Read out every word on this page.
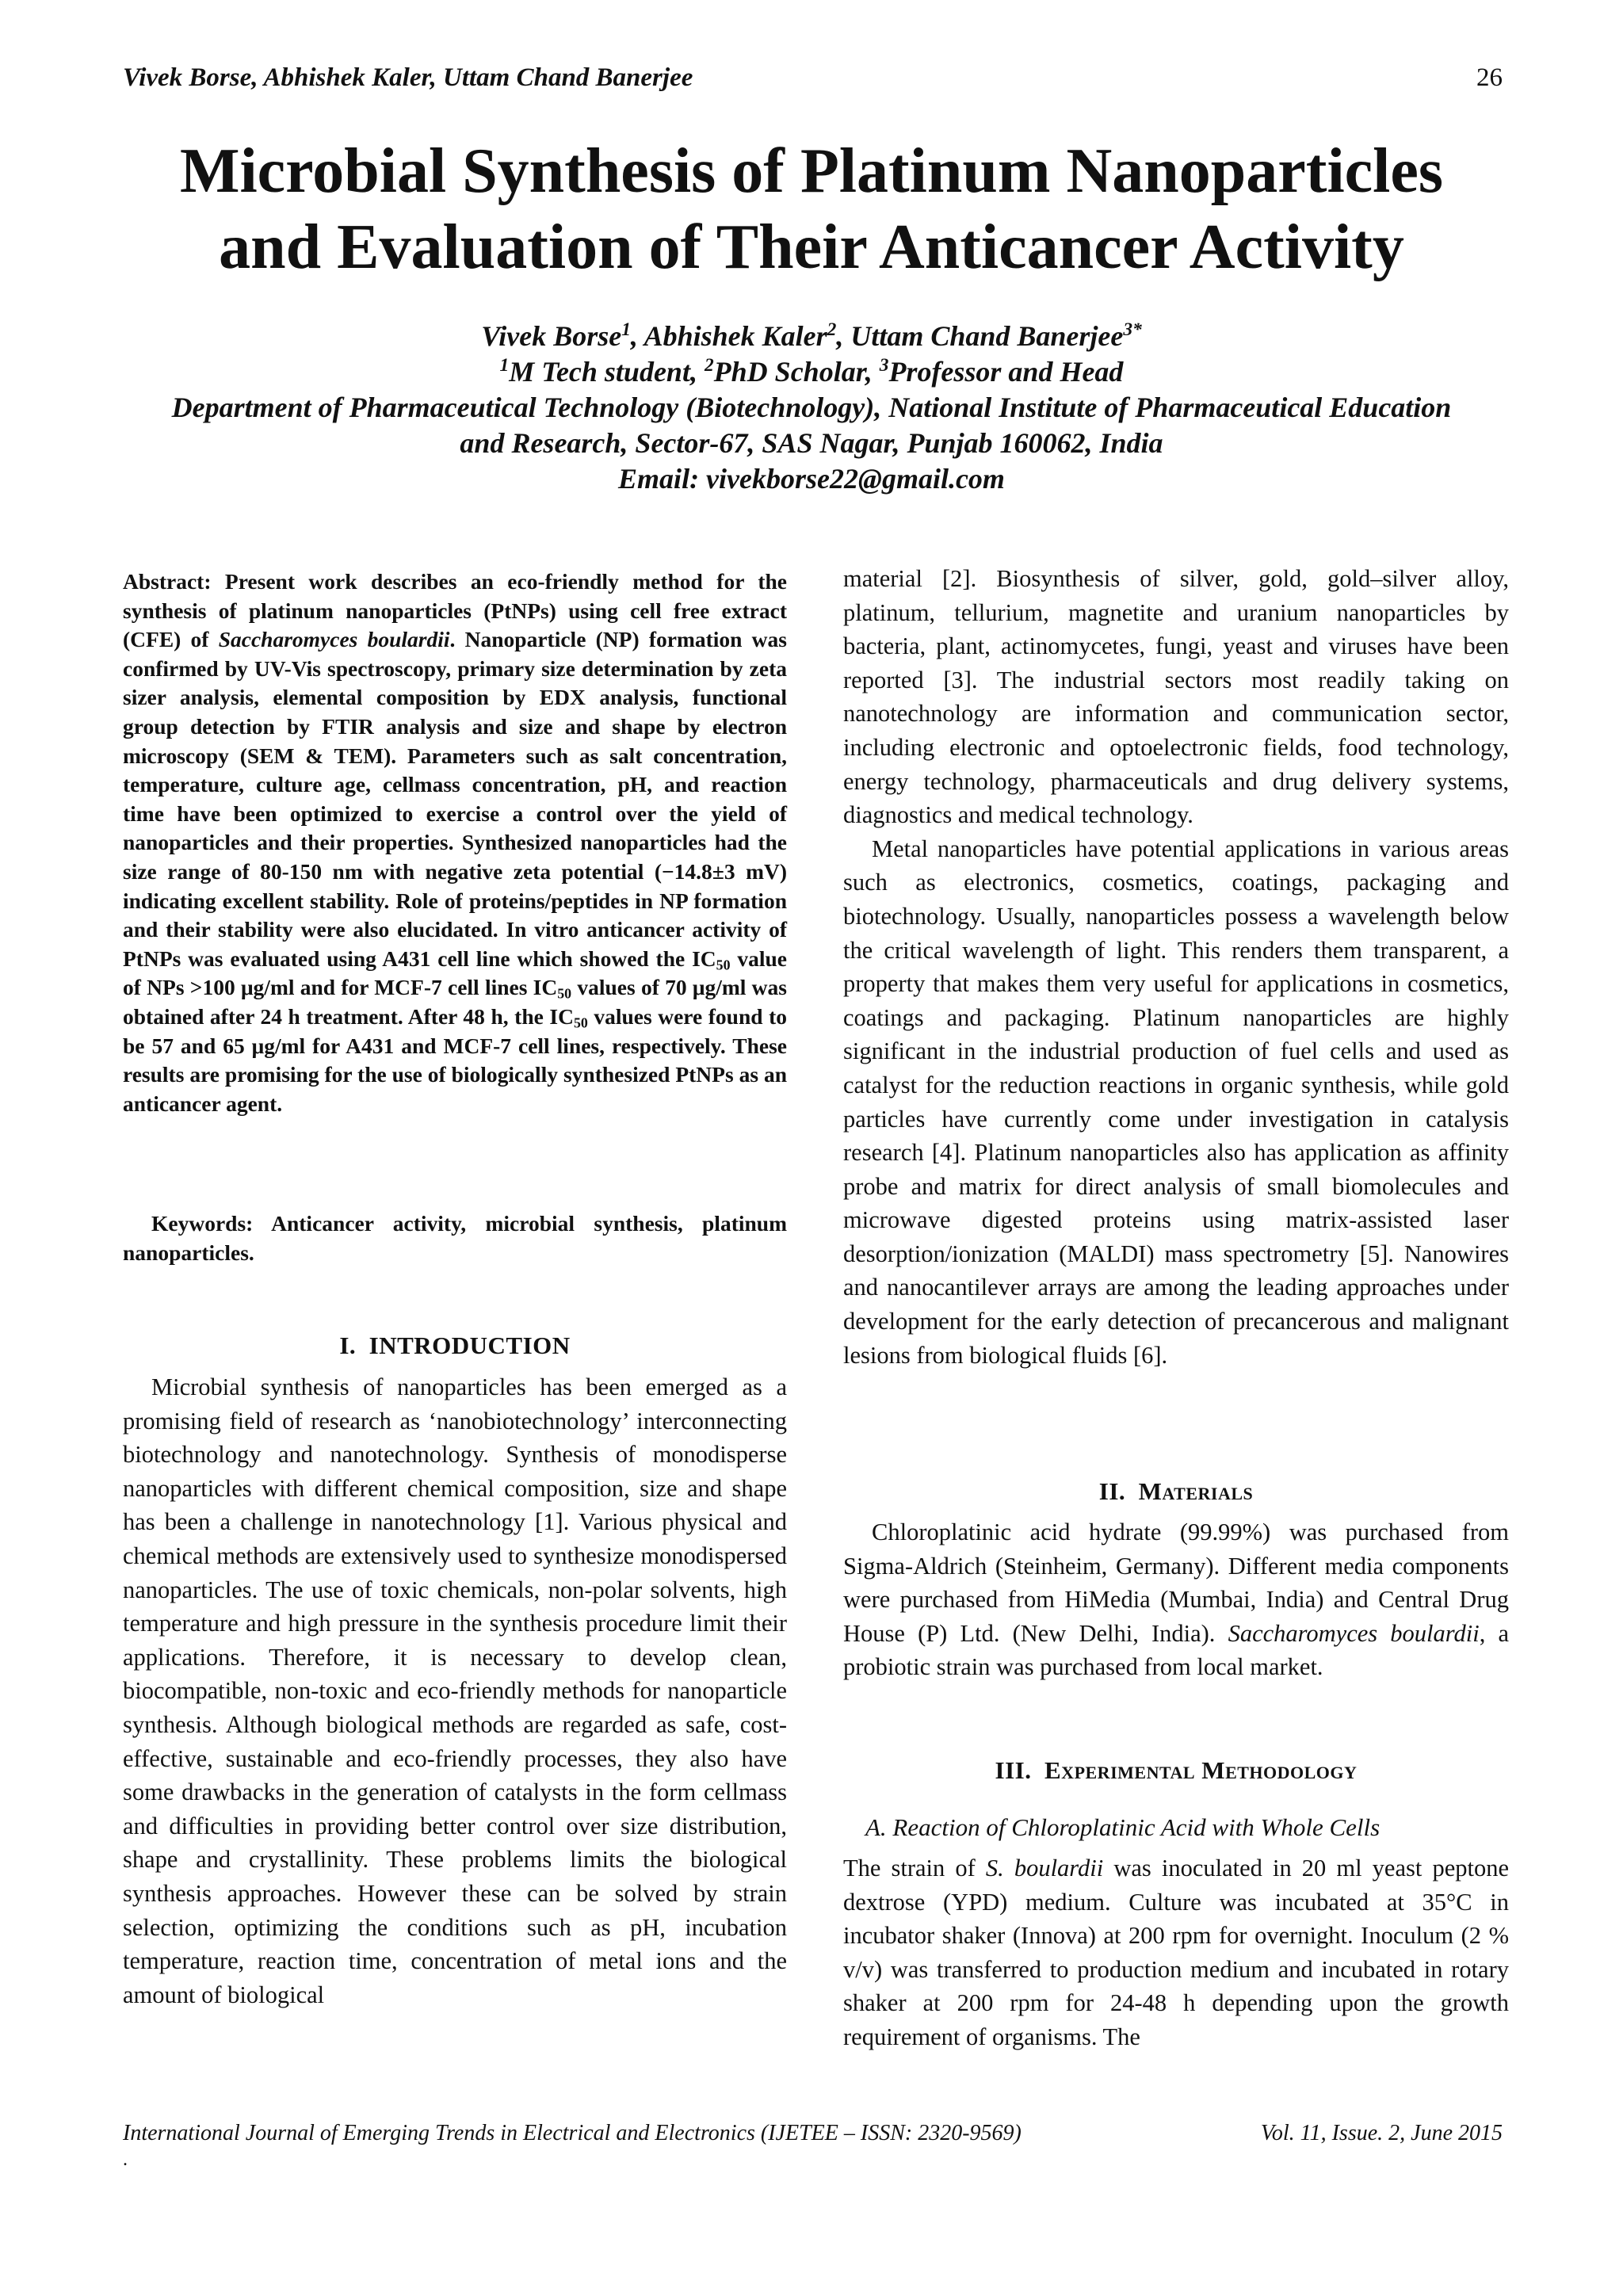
Vivek Borse, Abhishek Kaler, Uttam Chand Banerjee	26
Microbial Synthesis of Platinum Nanoparticles
and Evaluation of Their Anticancer Activity
Vivek Borse$^1$, Abhishek Kaler$^2$, Uttam Chand Banerjee$^{3*}$
$^1$M Tech student, $^2$PhD Scholar, $^3$Professor and Head
Department of Pharmaceutical Technology (Biotechnology), National Institute of Pharmaceutical Education
and Research, Sector-67, SAS Nagar, Punjab 160062, India
Email: vivekborse22@gmail.com
Abstract: Present work describes an eco-friendly method for the synthesis of platinum nanoparticles (PtNPs) using cell free extract (CFE) of Saccharomyces boulardii. Nanoparticle (NP) formation was confirmed by UV-Vis spectroscopy, primary size determination by zeta sizer analysis, elemental composition by EDX analysis, functional group detection by FTIR analysis and size and shape by electron microscopy (SEM & TEM). Parameters such as salt concentration, temperature, culture age, cellmass concentration, pH, and reaction time have been optimized to exercise a control over the yield of nanoparticles and their properties. Synthesized nanoparticles had the size range of 80-150 nm with negative zeta potential (−14.8±3 mV) indicating excellent stability. Role of proteins/peptides in NP formation and their stability were also elucidated. In vitro anticancer activity of PtNPs was evaluated using A431 cell line which showed the $IC_{50}$ value of NPs >100 μg/ml and for MCF-7 cell lines $IC_{50}$ values of 70 μg/ml was obtained after 24 h treatment. After 48 h, the $IC_{50}$ values were found to be 57 and 65 μg/ml for A431 and MCF-7 cell lines, respectively. These results are promising for the use of biologically synthesized PtNPs as an anticancer agent.
Keywords: Anticancer activity, microbial synthesis, platinum nanoparticles.
I. INTRODUCTION

Microbial synthesis of nanoparticles has been emerged as a promising field of research as ‘nanobiotechnology’ interconnecting biotechnology and nanotechnology. Synthesis of monodisperse nanoparticles with different chemical composition, size and shape has been a challenge in nanotechnology [1]. Various physical and chemical methods are extensively used to synthesize monodispersed nanoparticles. The use of toxic chemicals, non-polar solvents, high temperature and high pressure in the synthesis procedure limit their applications. Therefore, it is necessary to develop clean, biocompatible, non-toxic and eco-friendly methods for nanoparticle synthesis. Although biological methods are regarded as safe, cost-effective, sustainable and eco-friendly processes, they also have some drawbacks in the generation of catalysts in the form cellmass and difficulties in providing better control over size distribution, shape and crystallinity. These problems limits the biological synthesis approaches. However these can be solved by strain selection, optimizing the conditions such as pH, incubation temperature, reaction time, concentration of metal ions and the amount of biological

material [2]. Biosynthesis of silver, gold, gold–silver alloy, platinum, tellurium, magnetite and uranium nanoparticles by bacteria, plant, actinomycetes, fungi, yeast and viruses have been reported [3]. The industrial sectors most readily taking on nanotechnology are information and communication sector, including electronic and optoelectronic fields, food technology, energy technology, pharmaceuticals and drug delivery systems, diagnostics and medical technology.

Metal nanoparticles have potential applications in various areas such as electronics, cosmetics, coatings, packaging and biotechnology. Usually, nanoparticles possess a wavelength below the critical wavelength of light. This renders them transparent, a property that makes them very useful for applications in cosmetics, coatings and packaging. Platinum nanoparticles are highly significant in the industrial production of fuel cells and used as catalyst for the reduction reactions in organic synthesis, while gold particles have currently come under investigation in catalysis research [4]. Platinum nanoparticles also has application as affinity probe and matrix for direct analysis of small biomolecules and microwave digested proteins using matrix-assisted laser desorption/ionization (MALDI) mass spectrometry [5]. Nanowires and nanocantilever arrays are among the leading approaches under development for the early detection of precancerous and malignant lesions from biological fluids [6].

II. Materials

Chloroplatinic acid hydrate (99.99%) was purchased from Sigma-Aldrich (Steinheim, Germany). Different media components were purchased from HiMedia (Mumbai, India) and Central Drug House (P) Ltd. (New Delhi, India). Saccharomyces boulardii, a probiotic strain was purchased from local market.

III. Experimental Methodology
A. Reaction of Chloroplatinic Acid with Whole Cells

The strain of S. boulardii was inoculated in 20 ml yeast peptone dextrose (YPD) medium. Culture was incubated at 35°C in incubator shaker (Innova) at 200 rpm for overnight. Inoculum (2 % v/v) was transferred to production medium and incubated in rotary shaker at 200 rpm for 24-48 h depending upon the growth requirement of organisms. The

International Journal of Emerging Trends in Electrical and Electronics (IJETEE – ISSN: 2320-9569)	Vol. 11, Issue. 2, June 2015
.
